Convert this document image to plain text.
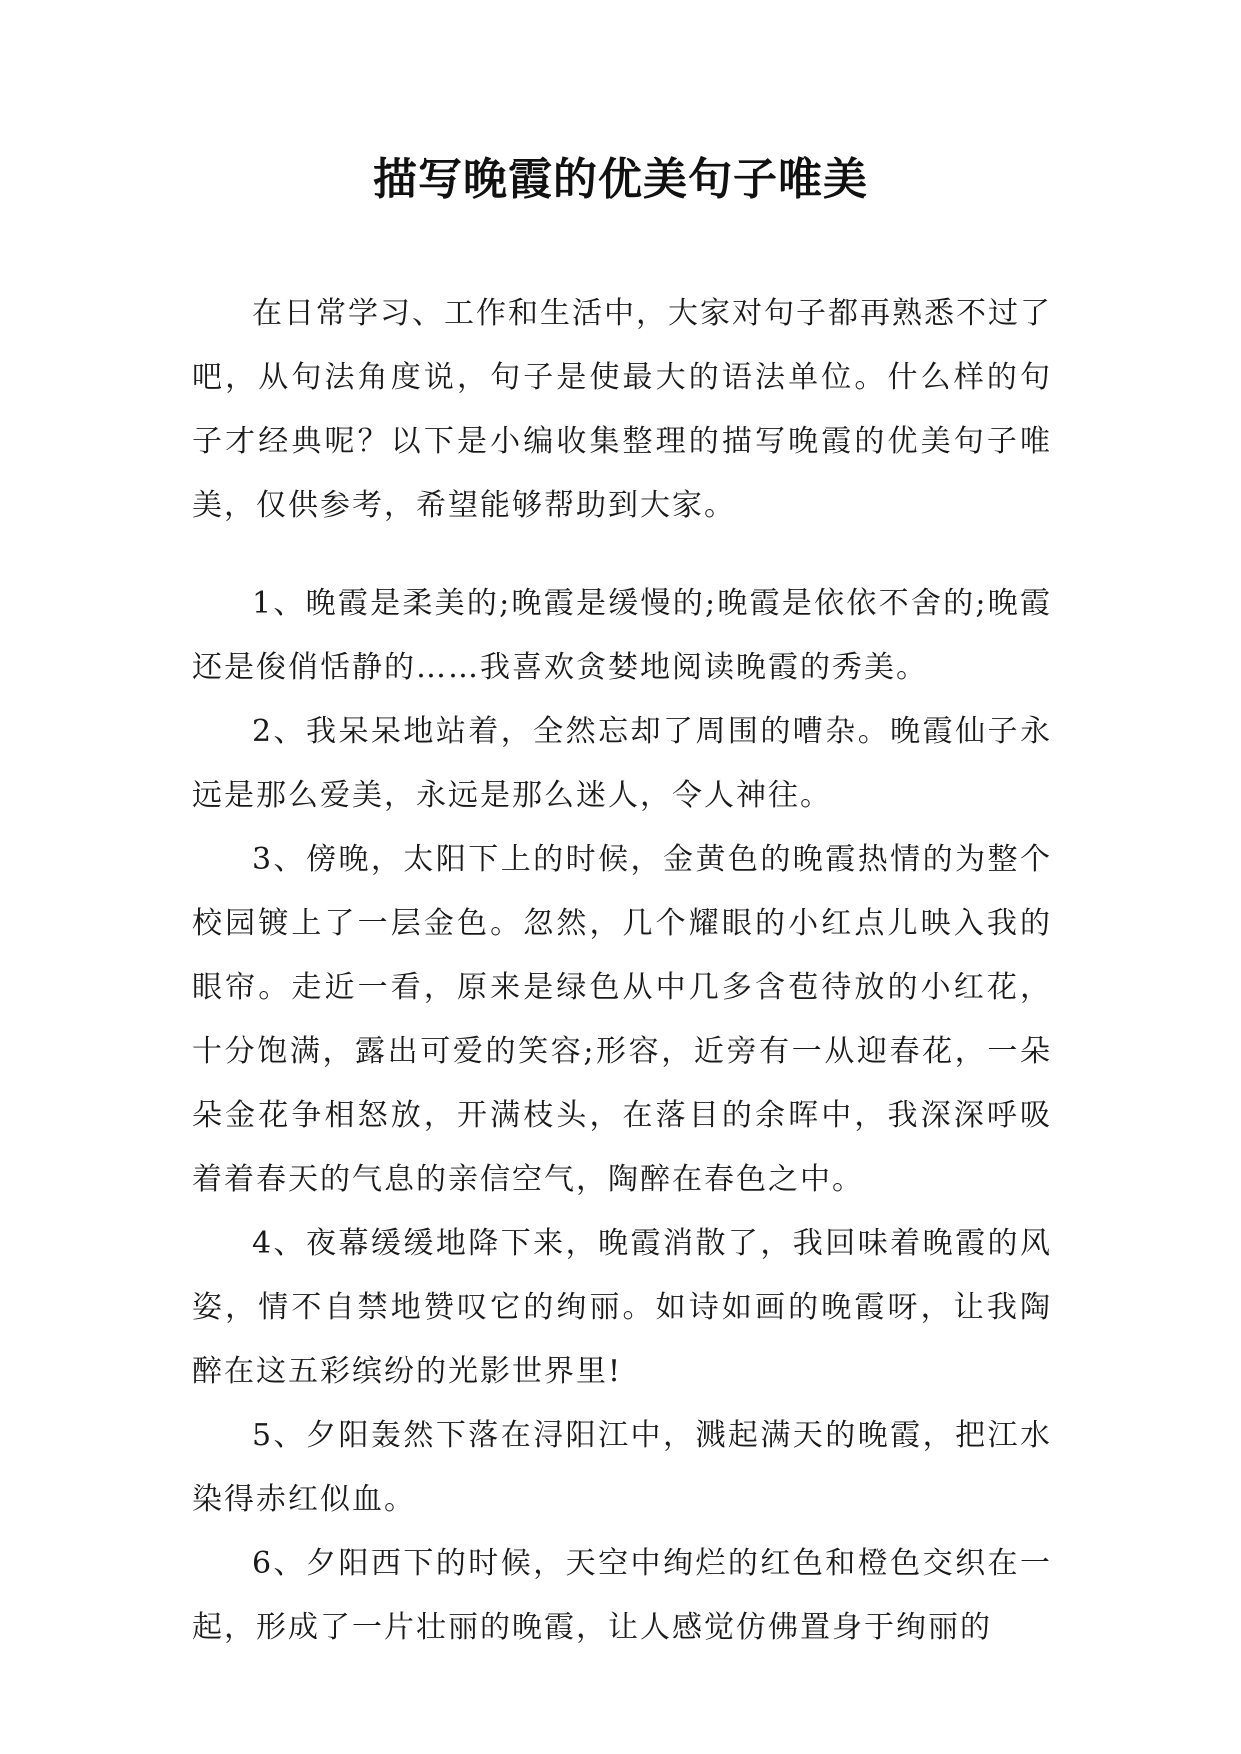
描写晚霞的优美句子唯美

在日常学习、工作和生活中，大家对句子都再熟悉不过了吧，从句法角度说，句子是使最大的语法单位。什么样的句子才经典呢？以下是小编收集整理的描写晚霞的优美句子唯美，仅供参考，希望能够帮助到大家。

1、晚霞是柔美的;晚霞是缓慢的;晚霞是依依不舍的;晚霞还是俊俏恬静的……我喜欢贪婪地阅读晚霞的秀美。

2、我呆呆地站着，全然忘却了周围的嘈杂。晚霞仙子永远是那么爱美，永远是那么迷人，令人神往。

3、傍晚，太阳下上的时候，金黄色的晚霞热情的为整个校园镀上了一层金色。忽然，几个耀眼的小红点儿映入我的眼帘。走近一看，原来是绿色从中几多含苞待放的小红花，十分饱满，露出可爱的笑容;形容，近旁有一从迎春花，一朵朵金花争相怒放，开满枝头，在落目的余晖中，我深深呼吸着着春天的气息的亲信空气，陶醉在春色之中。

4、夜幕缓缓地降下来，晚霞消散了，我回味着晚霞的风姿，情不自禁地赞叹它的绚丽。如诗如画的晚霞呀，让我陶醉在这五彩缤纷的光影世界里!

5、夕阳轰然下落在浔阳江中，溅起满天的晚霞，把江水染得赤红似血。

6、夕阳西下的时候，天空中绚烂的红色和橙色交织在一起，形成了一片壮丽的晚霞，让人感觉仿佛置身于绚丽的
